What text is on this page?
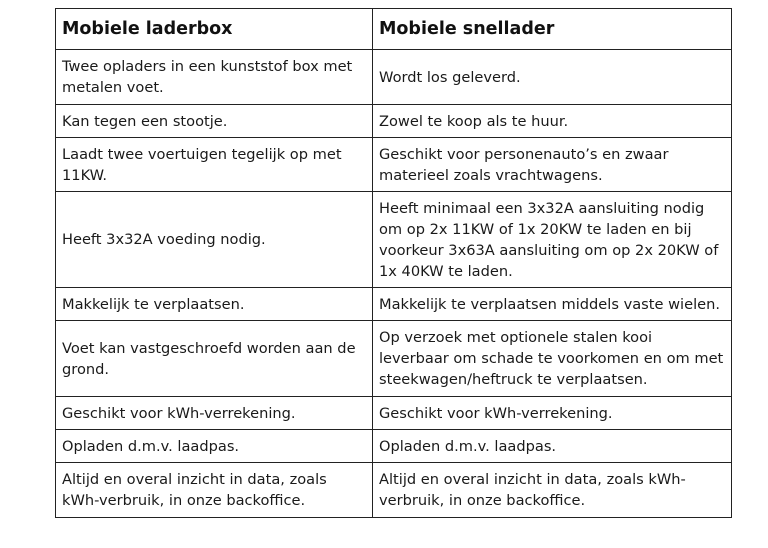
Mobiele laderbox	Mobiele snellader
Twee opladers in een kunststof box met metalen voet.	Wordt los geleverd.
Kan tegen een stootje.	Zowel te koop als te huur.
Laadt twee voertuigen tegelijk op met 11KW.	Geschikt voor personenauto’s en zwaar materieel zoals vrachtwagens.
Heeft 3x32A voeding nodig.	Heeft minimaal een 3x32A aansluiting nodig om op 2x 11KW of 1x 20KW te laden en bij voorkeur 3x63A aansluiting om op 2x 20KW of 1x 40KW te laden.
Makkelijk te verplaatsen.	Makkelijk te verplaatsen middels vaste wielen.
Voet kan vastgeschroefd worden aan de grond.	Op verzoek met optionele stalen kooi leverbaar om schade te voorkomen en om met steekwagen/heftruck te verplaatsen.
Geschikt voor kWh-verrekening.	Geschikt voor kWh-verrekening.
Opladen d.m.v. laadpas.	Opladen d.m.v. laadpas.
Altijd en overal inzicht in data, zoals kWh-verbruik, in onze backoffice.	Altijd en overal inzicht in data, zoals kWh-verbruik, in onze backoffice.
